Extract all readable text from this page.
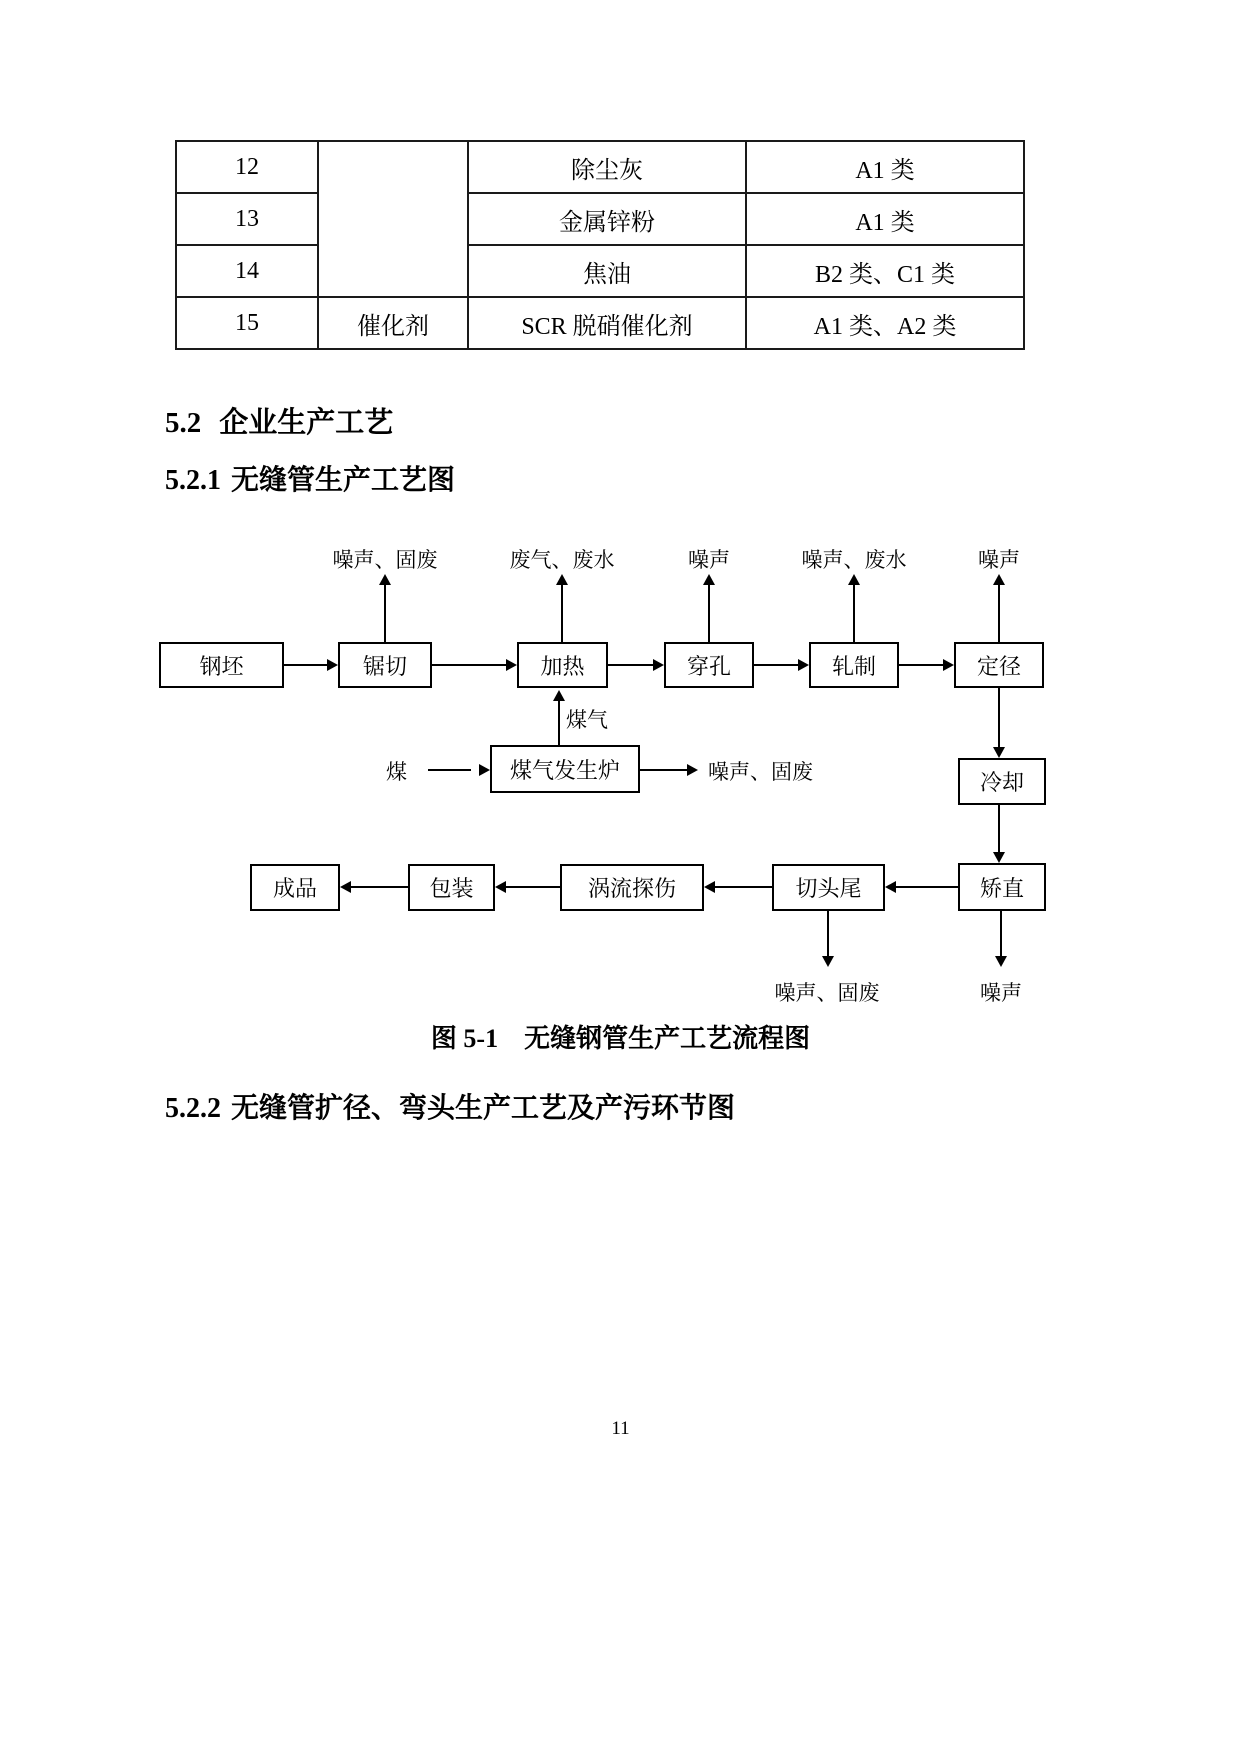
12		除尘灰	A1 类
13		金属锌粉	A1 类
14		焦油	B2 类、C1 类
15	催化剂	SCR 脱硝催化剂	A1 类、A2 类
5.2 企业生产工艺
5.2.1 无缝管生产工艺图
噪声、固废	废气、废水	噪声	噪声、废水	噪声
钢坯	锯切	加热	穿孔	轧制	定径
煤气
煤	煤气发生炉	噪声、固废	冷却
矫直
切头尾
涡流探伤
包装
成品
噪声、固废	噪声
图 5-1 无缝钢管生产工艺流程图
5.2.2 无缝管扩径、弯头生产工艺及产污环节图
11
